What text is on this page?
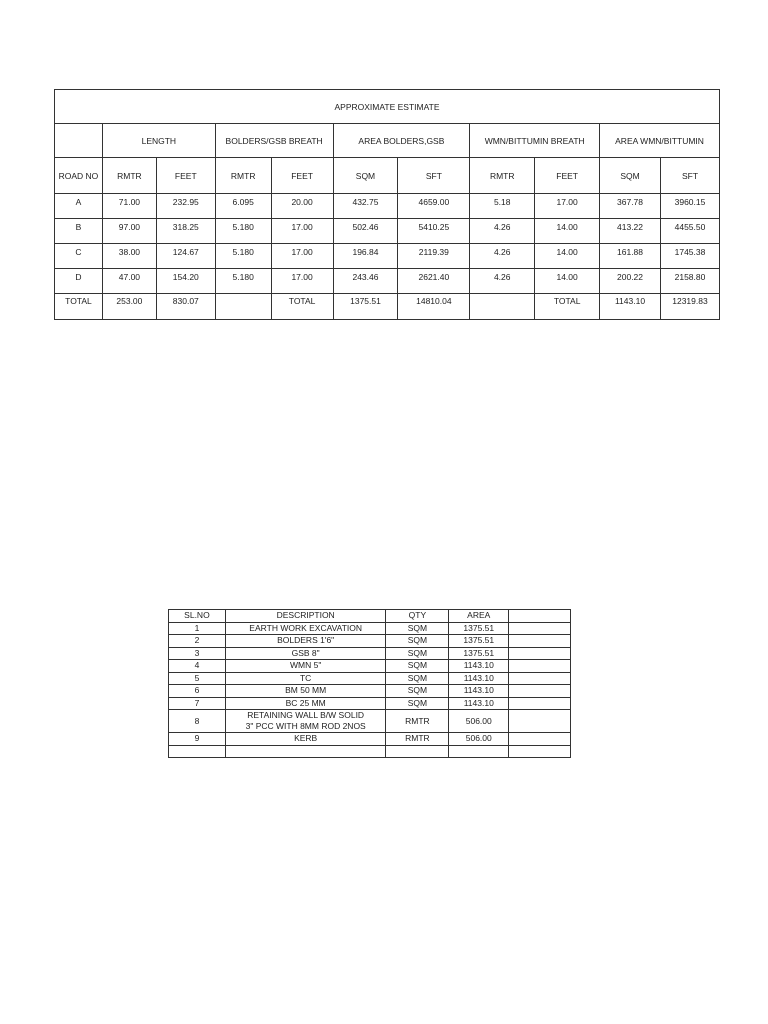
APPROXIMATE ESTIMATE										
	LENGTH		BOLDERS/GSB BREATH		AREA BOLDERS,GSB		WMN/BITTUMIN BREATH		AREA WMN/BITTUMIN	
ROAD NO	RMTR	FEET	RMTR	FEET	SQM	SFT	RMTR	FEET	SQM	SFT
A	71.00	232.95	6.095	20.00	432.75	4659.00	5.18	17.00	367.78	3960.15
B	97.00	318.25	5.180	17.00	502.46	5410.25	4.26	14.00	413.22	4455.50
C	38.00	124.67	5.180	17.00	196.84	2119.39	4.26	14.00	161.88	1745.38
D	47.00	154.20	5.180	17.00	243.46	2621.40	4.26	14.00	200.22	2158.80
TOTAL	253.00	830.07		TOTAL	1375.51	14810.04		TOTAL	1143.10	12319.83
SL.NO	DESCRIPTION	QTY	AREA	
1	EARTH WORK EXCAVATION	SQM	1375.51	
2	BOLDERS 1'6"	SQM	1375.51	
3	GSB 8"	SQM	1375.51	
4	WMN 5"	SQM	1143.10	
5	TC	SQM	1143.10	
6	BM 50 MM	SQM	1143.10	
7	BC 25 MM	SQM	1143.10	
8	RETAINING WALL B/W SOLID
3" PCC WITH 8MM ROD 2NOS	RMTR	506.00	
9	KERB	RMTR	506.00	
